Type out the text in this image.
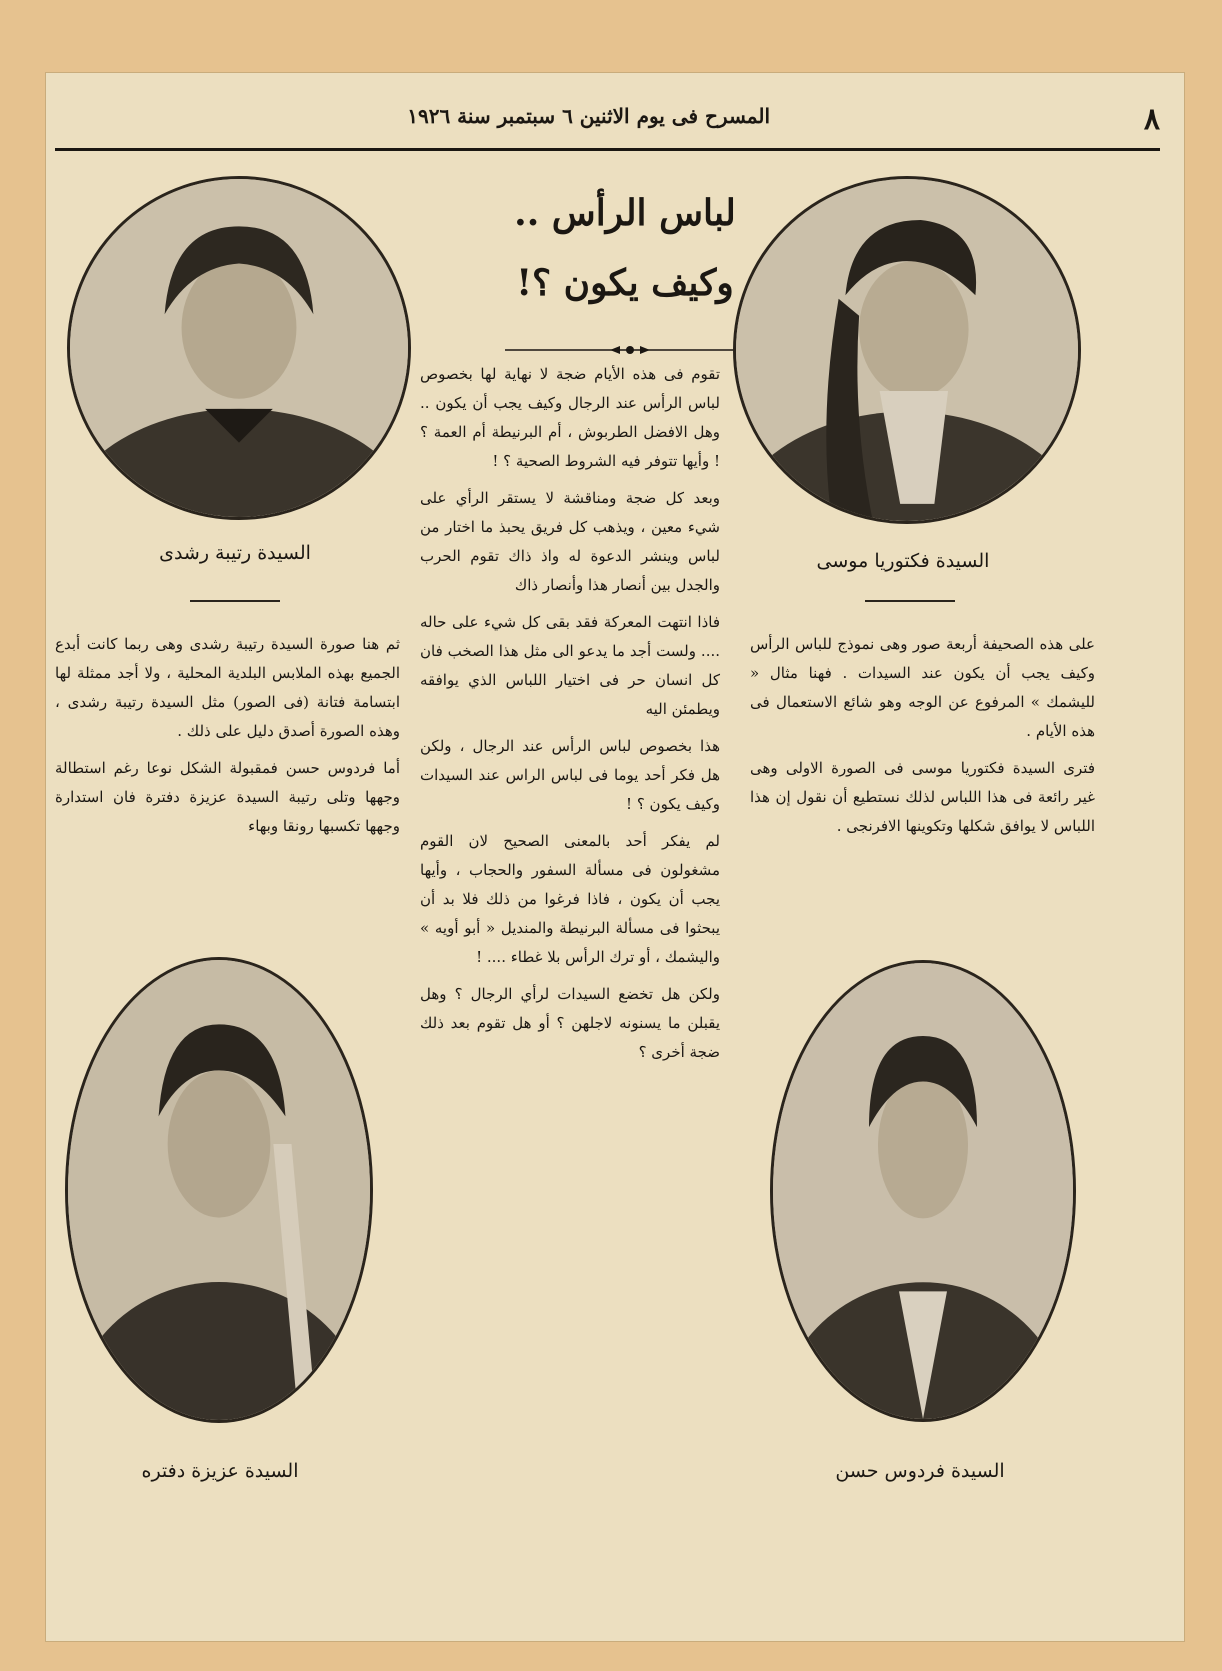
٨
المسرح فى يوم الاثنين ٦ سبتمبر سنة ١٩٢٦
لباس الرأس ..
وكيف يكون ؟!
السيدة رتيبة رشدى	السيدة فكتوريا موسى
السيدة عزيزة دفتره	السيدة فردوس حسن

تقوم فى هذه الأيام ضجة لا نهاية لها بخصوص لباس الرأس عند الرجال وكيف يجب أن يكون .. وهل الافضل الطربوش ، أم البرنيطة أم العمة ؟ ! وأيها تتوفر فيه الشروط الصحية ؟ !

وبعد كل ضجة ومناقشة لا يستقر الرأي على شيء معين ، ويذهب كل فريق يحبذ ما اختار من لباس وينشر الدعوة له واذ ذاك تقوم الحرب والجدل بين أنصار هذا وأنصار ذاك

فاذا انتهت المعركة فقد بقى كل شيء على حاله .... ولست أجد ما يدعو الى مثل هذا الصخب فان كل انسان حر فى اختيار اللباس الذي يوافقه ويطمئن اليه

هذا بخصوص لباس الرأس عند الرجال ، ولكن هل فكر أحد يوما فى لباس الراس عند السيدات وكيف يكون ؟ !

لم يفكر أحد بالمعنى الصحيح لان القوم مشغولون فى مسألة السفور والحجاب ، وأيها يجب أن يكون ، فاذا فرغوا من ذلك فلا بد أن يبحثوا فى مسألة البرنيطة والمنديل « أبو أويه » واليشمك ، أو ترك الرأس بلا غطاء .... !

ولكن هل تخضع السيدات لرأي الرجال ؟ وهل يقبلن ما يسنونه لاجلهن ؟ أو هل تقوم بعد ذلك ضجة أخرى ؟

على هذه الصحيفة أربعة صور وهى نموذج للباس الرأس وكيف يجب أن يكون عند السيدات . فهنا مثال « لليشمك » المرفوع عن الوجه وهو شائع الاستعمال فى هذه الأيام .

فترى السيدة فكتوريا موسى فى الصورة الاولى وهى غير رائعة فى هذا اللباس لذلك نستطيع أن نقول إن هذا اللباس لا يوافق شكلها وتكوينها الافرنجى .

ثم هنا صورة السيدة رتيبة رشدى وهى ربما كانت أبدع الجميع بهذه الملابس البلدية المحلية ، ولا أجد ممثلة لها ابتسامة فتانة (فى الصور) مثل السيدة رتيبة رشدى ، وهذه الصورة أصدق دليل على ذلك .

أما فردوس حسن فمقبولة الشكل نوعا رغم استطالة وجهها وتلى رتيبة السيدة عزيزة دفترة فان استدارة وجهها تكسبها رونقا وبهاء
